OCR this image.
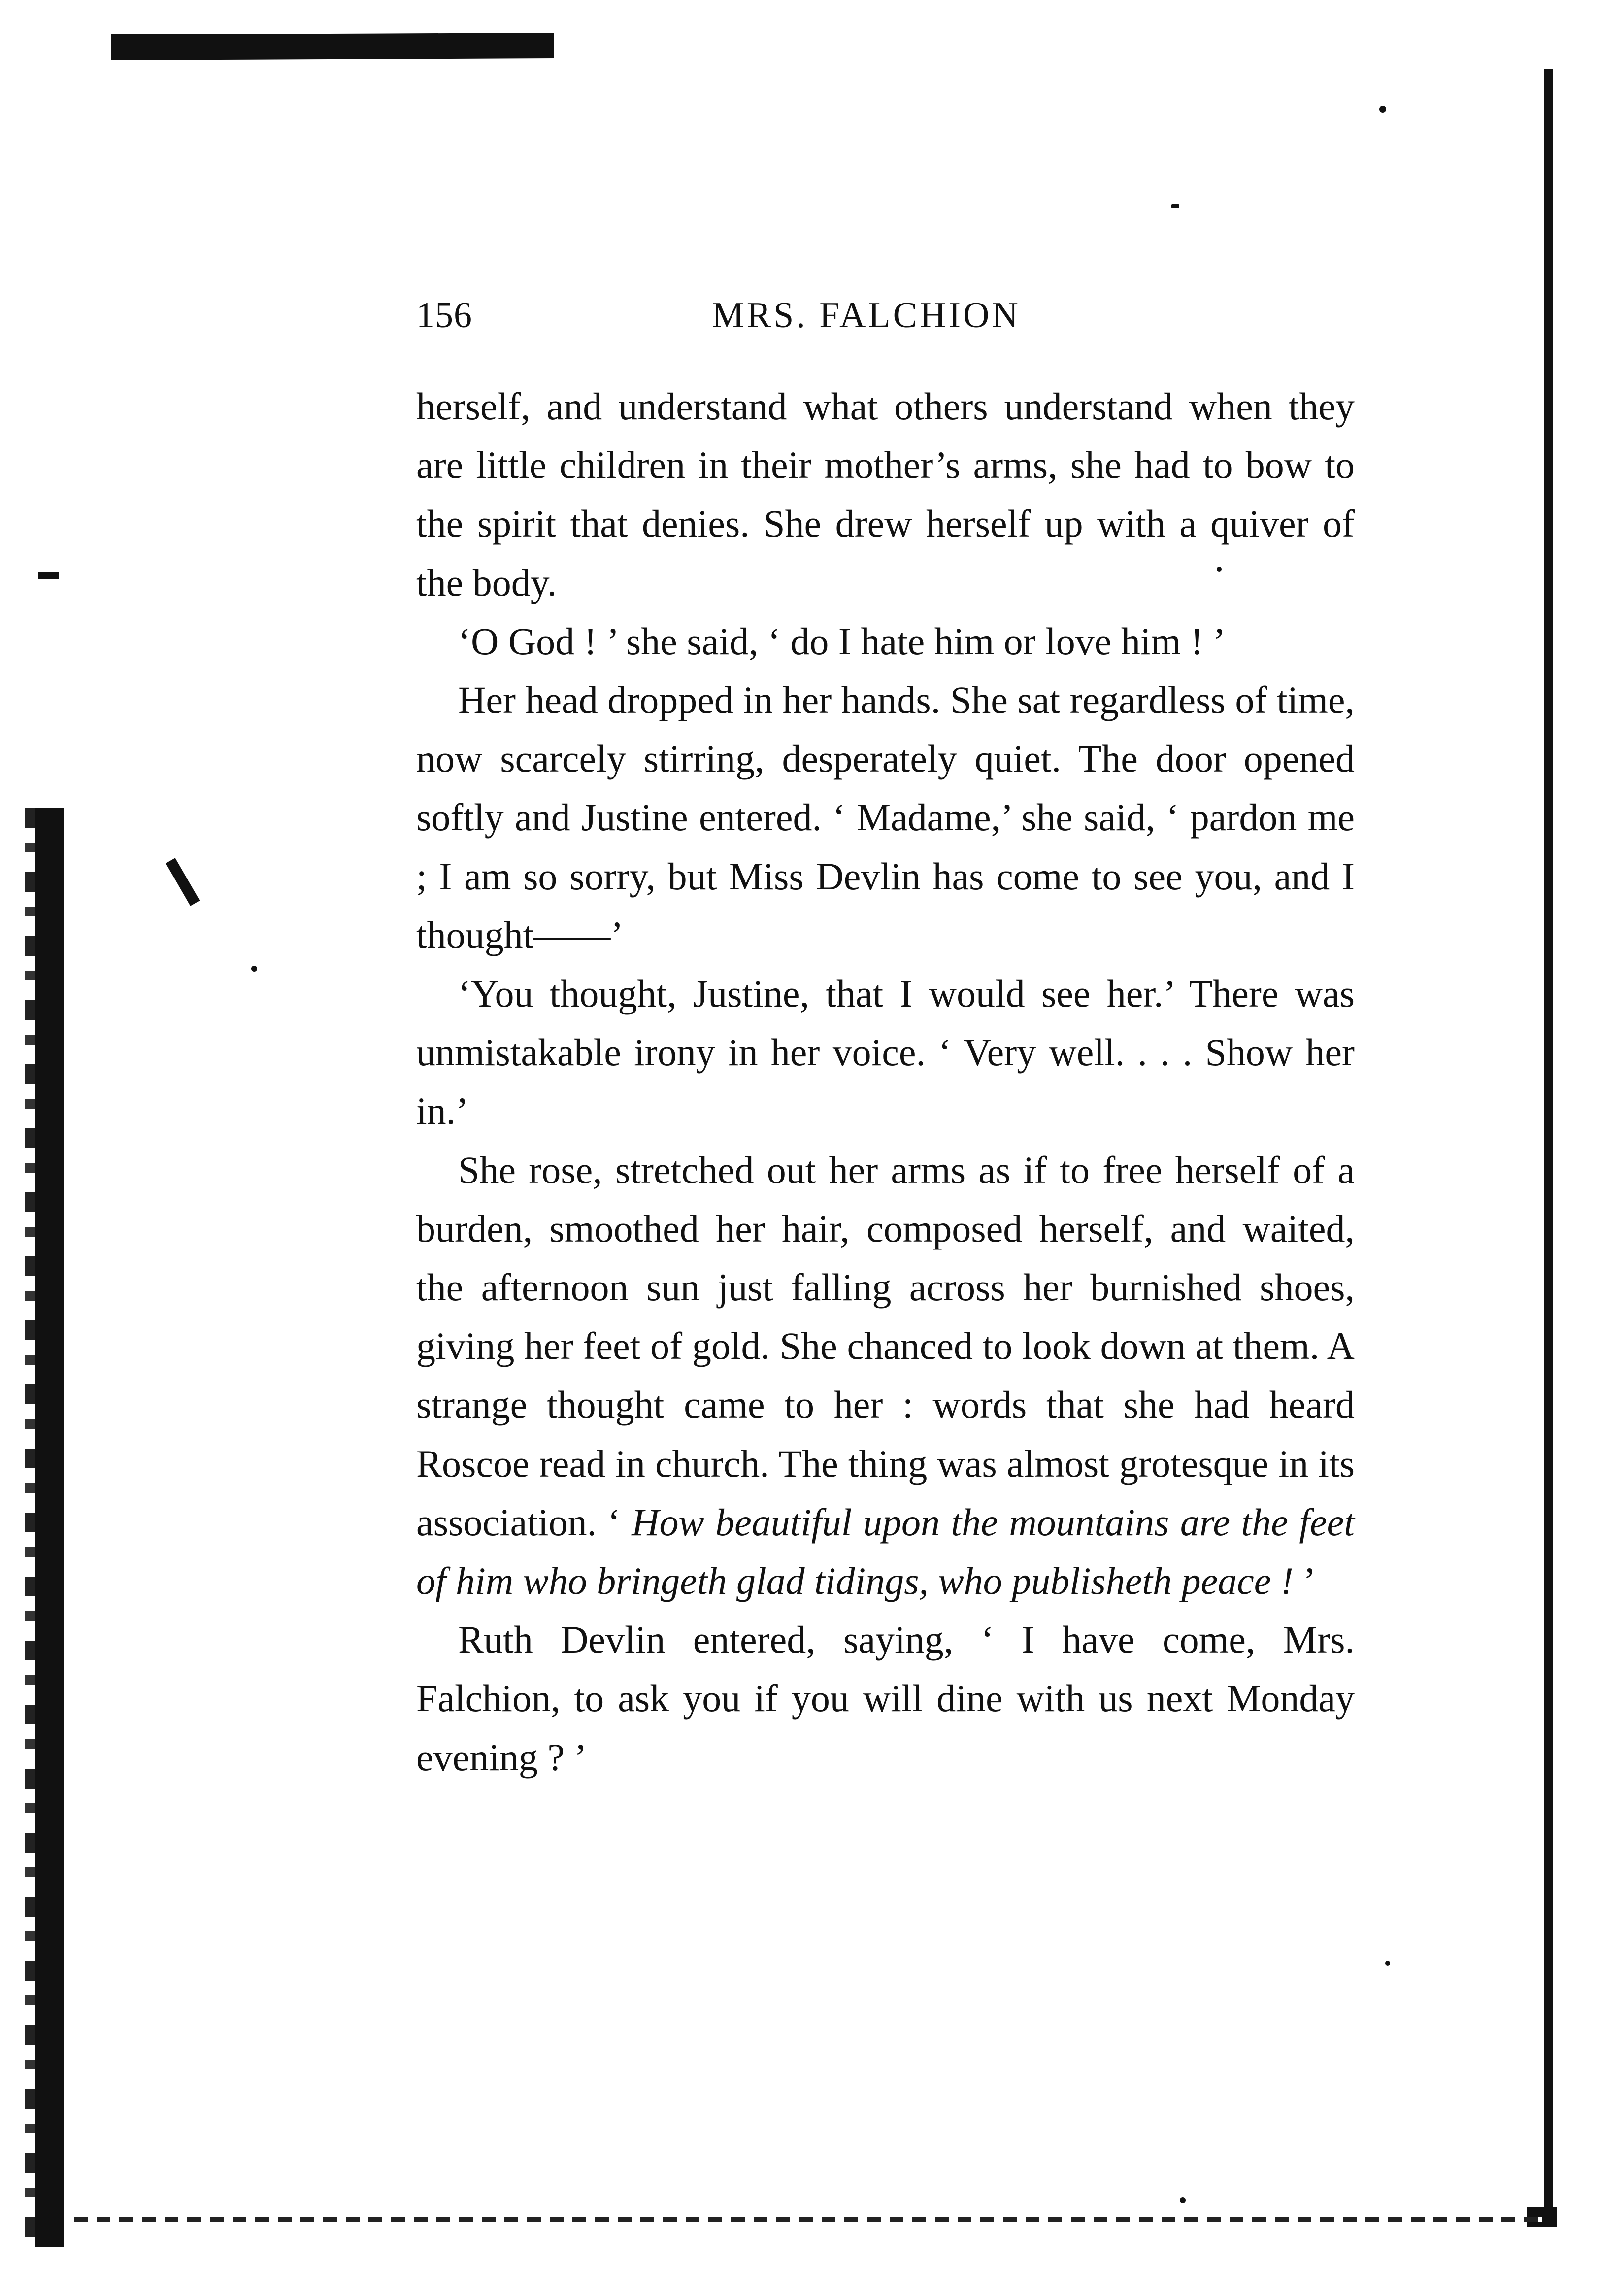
156	MRS. FALCHION

herself, and understand what others understand when they are little children in their mother’s arms, she had to bow to the spirit that denies. She drew herself up with a quiver of the body.

‘O God ! ’ she said, ‘ do I hate him or love him ! ’

Her head dropped in her hands. She sat regardless of time, now scarcely stirring, desperately quiet. The door opened softly and Justine entered. ‘ Madame,’ she said, ‘ pardon me ; I am so sorry, but Miss Devlin has come to see you, and I thought——’

‘You thought, Justine, that I would see her.’ There was unmistakable irony in her voice. ‘ Very well. . . . Show her in.’

She rose, stretched out her arms as if to free herself of a burden, smoothed her hair, composed herself, and waited, the afternoon sun just falling across her burnished shoes, giving her feet of gold. She chanced to look down at them. A strange thought came to her : words that she had heard Roscoe read in church. The thing was almost grotesque in its association. ‘ How beautiful upon the mountains are the feet of him who bringeth glad tidings, who publisheth peace ! ’

Ruth Devlin entered, saying, ‘ I have come, Mrs. Falchion, to ask you if you will dine with us next Monday evening ? ’
